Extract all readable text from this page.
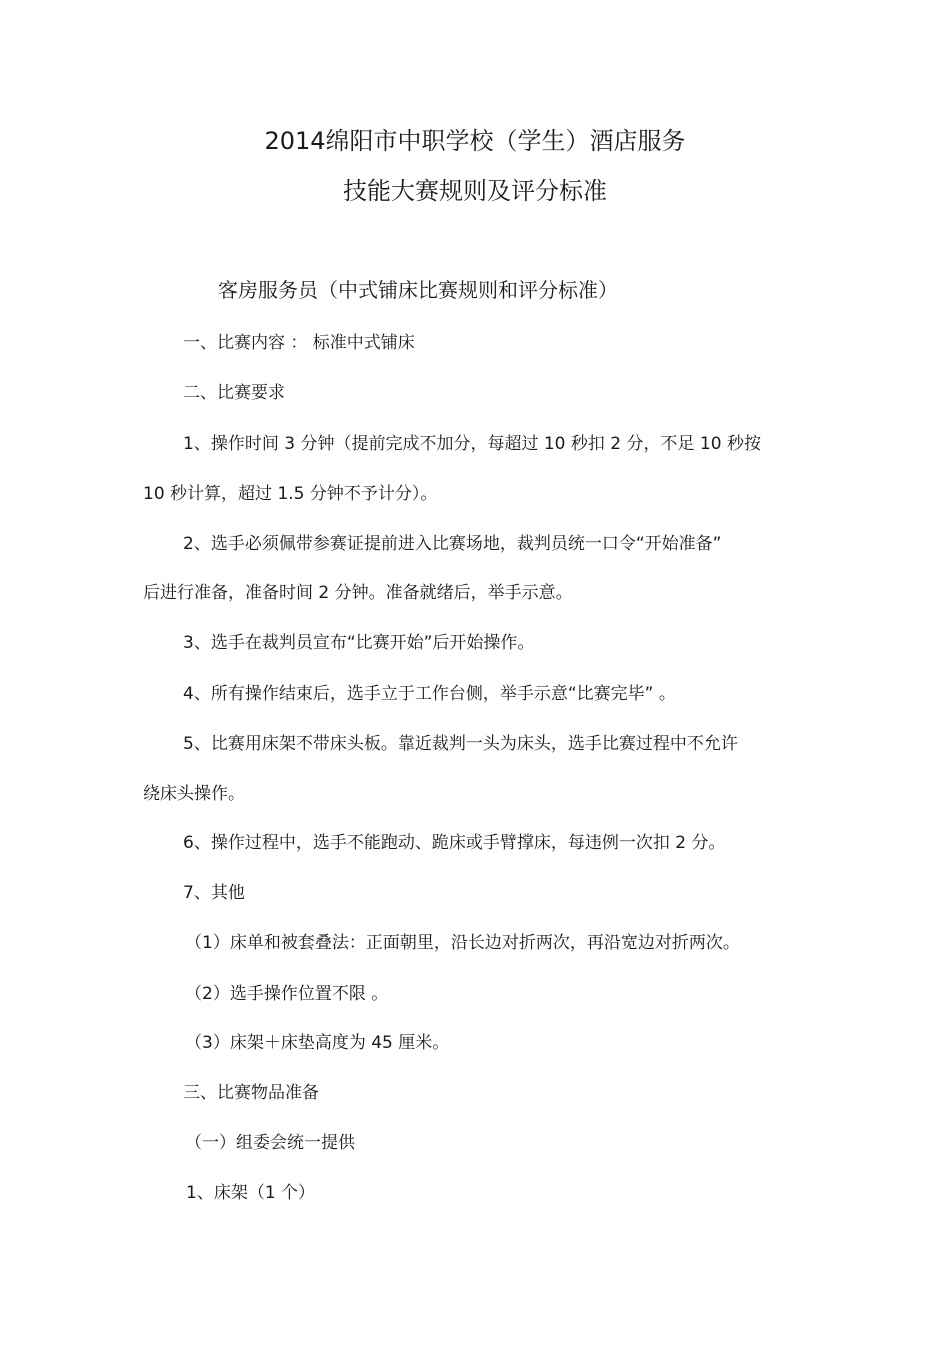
2014绵阳市中职学校（学生）酒店服务
技能大赛规则及评分标准
客房服务员（中式铺床比赛规则和评分标准）
一、比赛内容 ： 标准中式铺床
二、比赛要求
1、操作时间 3 分钟（提前完成不加分，每超过 10 秒扣 2 分，不足 10 秒按
10 秒计算，超过 1.5 分钟不予计分）。
2、选手必须佩带参赛证提前进入比赛场地，裁判员统一口令“开始准备”
后进行准备，准备时间 2 分钟。准备就绪后，举手示意。
3、选手在裁判员宣布“比赛开始”后开始操作。
4、所有操作结束后，选手立于工作台侧，举手示意“比赛完毕” 。
5、比赛用床架不带床头板。靠近裁判一头为床头，选手比赛过程中不允许
绕床头操作。
6、操作过程中，选手不能跑动、跪床或手臂撑床，每违例一次扣 2 分。
7、其他
（1）床单和被套叠法：正面朝里，沿长边对折两次，再沿宽边对折两次。
（2）选手操作位置不限 。
（3）床架＋床垫高度为 45 厘米。
三、比赛物品准备
（一）组委会统一提供
1、床架（1 个）
